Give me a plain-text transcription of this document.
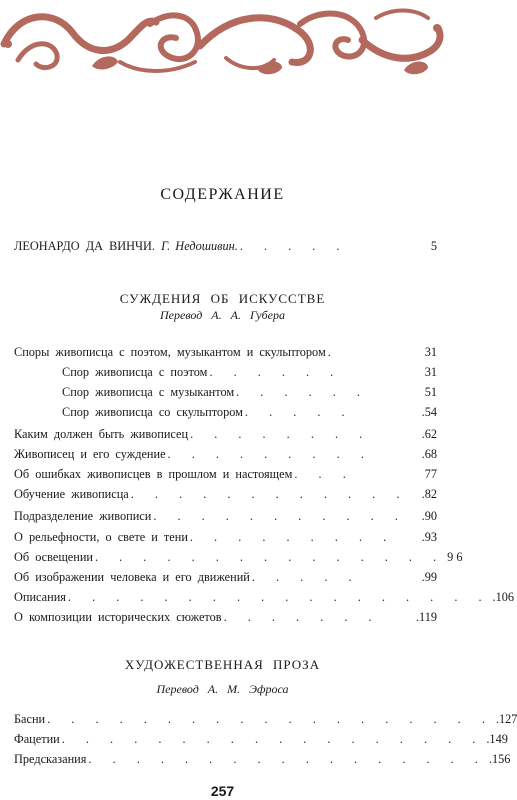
СОДЕРЖАНИЕ
ЛЕОНАРДО ДА ВИНЧИ. Г. Недошивин. . . . . .	5
СУЖДЕНИЯ ОБ ИСКУССТВЕ
Перевод А. А. Губера
Споры живописца с поэтом, музыкантом и скульптором .	31
Спор живописца с поэтом . . . . . .	31
Спор живописца с музыкантом . . . . . .	51
Спор живописца со скульптором . . . . .	.54
Каким должен быть живописец . . . . . . . .	.62
Живописец и его суждение . . . . . . . . .	.68
Об ошибках живописцев в прошлом и настоящем . . .	77
Обучение живописца . . . . . . . . . . . .	.82
Подразделение живописи . . . . . . . . . . .	.90
О рельефности, о свете и тени . . . . . . . . .	.93
Об освещении . . . . . . . . . . . . . . . 9 6
Об изображении человека и его движений . . . . .	.99
Описания . . . . . . . . . . . . . . . . . . .106
О композиции исторических сюжетов . . . . . . .	.119
ХУДОЖЕСТВЕННАЯ ПРОЗА
Перевод А. М. Эфроса
Басни . . . . . . . . . . . . . . . . . . . .127
Фацетии . . . . . . . . . . . . . . . . . . .149
Предсказания . . . . . . . . . . . . . . . . . .156
257
